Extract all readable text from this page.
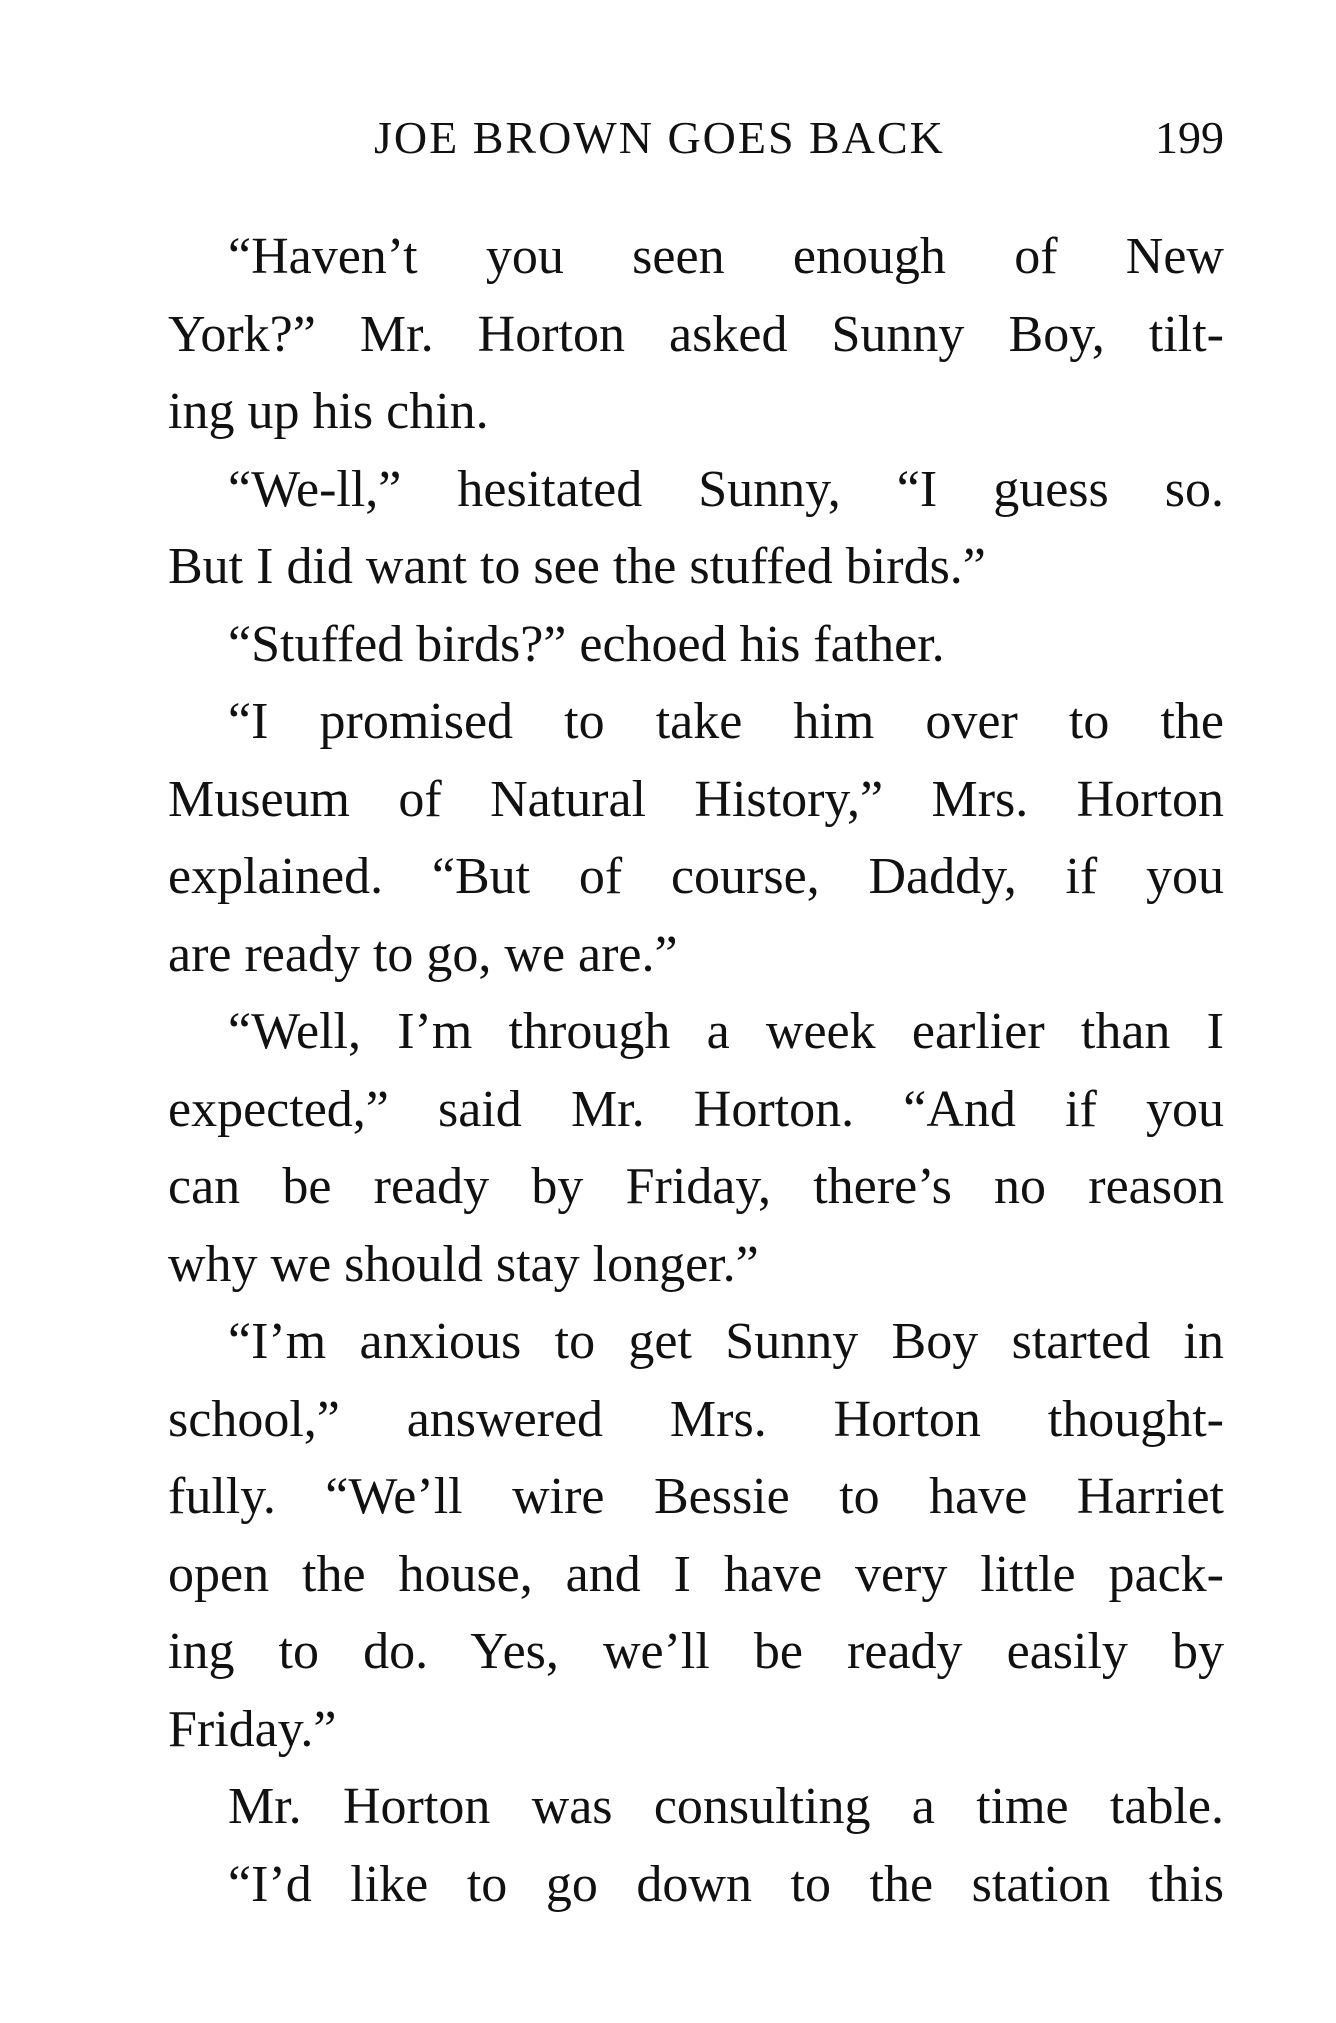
JOE BROWN GOES BACK	199
“Haven’t you seen enough of New
York?” Mr. Horton asked Sunny Boy, tilt-
ing up his chin.
“We-ll,” hesitated Sunny, “I guess so.
But I did want to see the stuffed birds.”
“Stuffed birds?” echoed his father.
“I promised to take him over to the
Museum of Natural History,” Mrs. Horton
explained. “But of course, Daddy, if you
are ready to go, we are.”
“Well, I’m through a week earlier than I
expected,” said Mr. Horton. “And if you
can be ready by Friday, there’s no reason
why we should stay longer.”
“I’m anxious to get Sunny Boy started in
school,” answered Mrs. Horton thought-
fully. “We’ll wire Bessie to have Harriet
open the house, and I have very little pack-
ing to do. Yes, we’ll be ready easily by
Friday.”
Mr. Horton was consulting a time table.
“I’d like to go down to the station this
